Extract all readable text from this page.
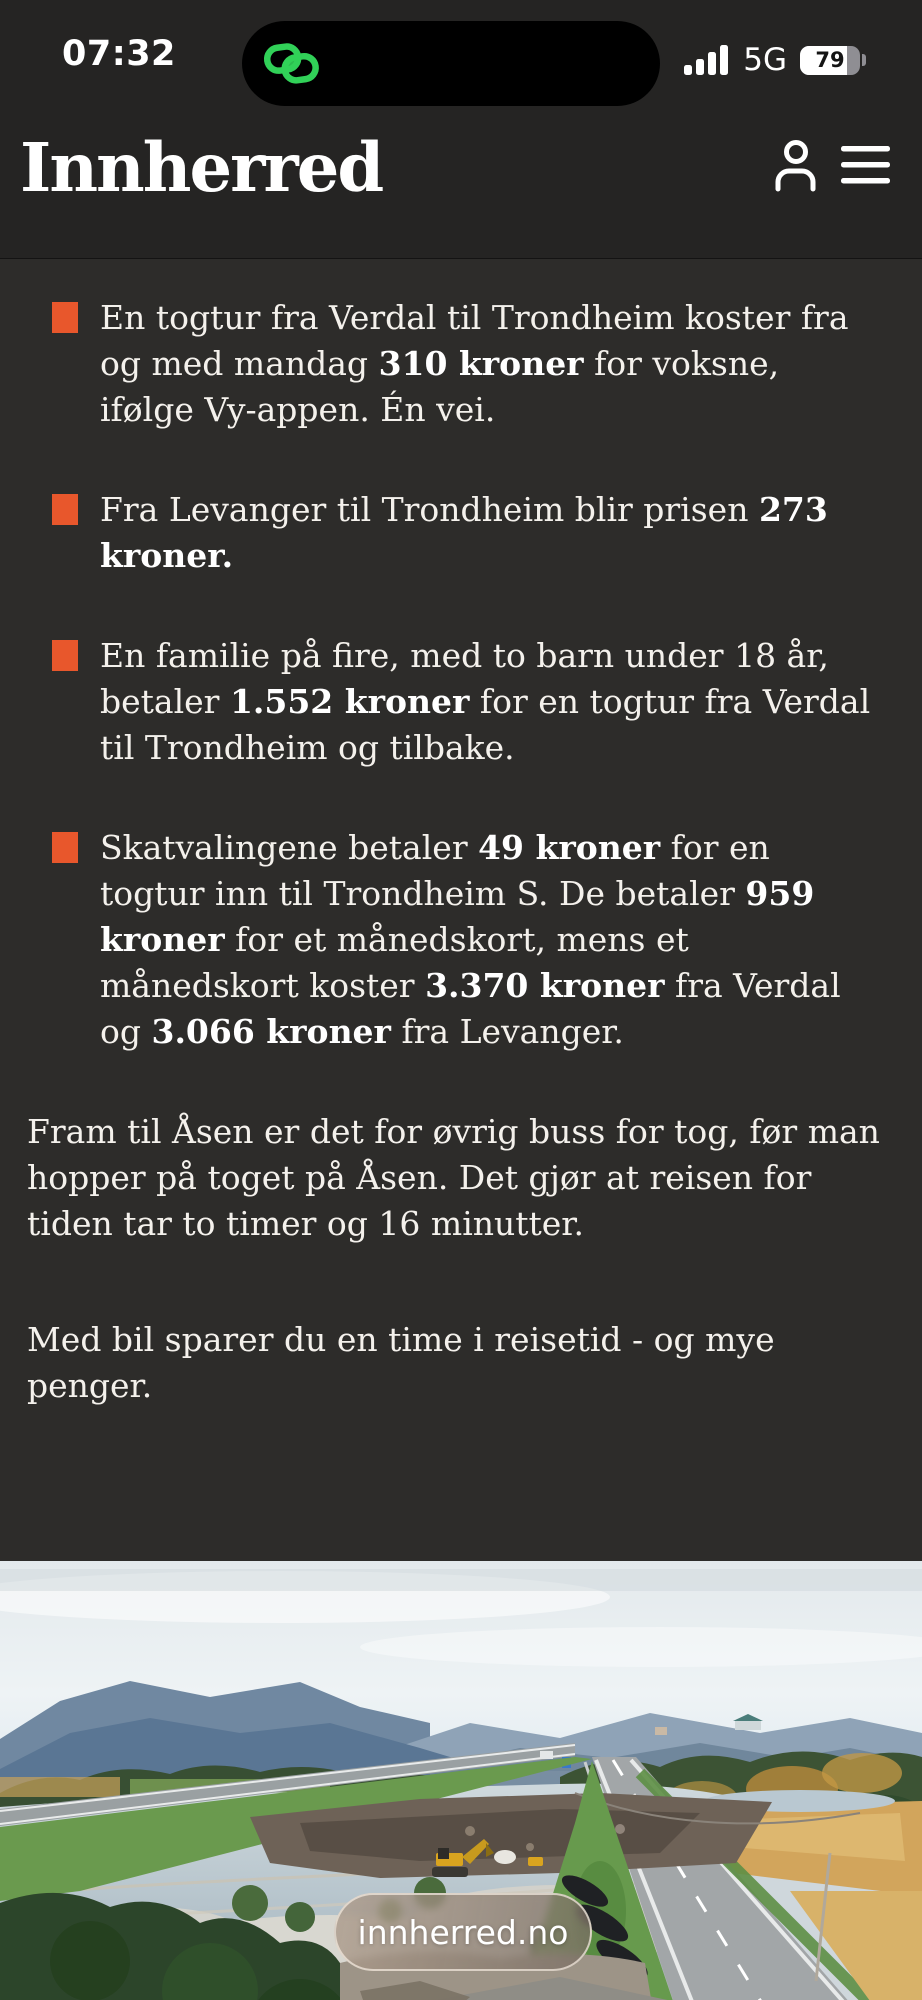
07:32	5G	79
Innherred
En togtur fra Verdal til Trondheim koster fra og med mandag 310 kroner for voksne, ifølge Vy-appen. Én vei.
Fra Levanger til Trondheim blir prisen 273 kroner.
En familie på fire, med to barn under 18 år, betaler 1.552 kroner for en togtur fra Verdal til Trondheim og tilbake.
Skatvalingene betaler 49 kroner for en togtur inn til Trondheim S. De betaler 959 kroner for et månedskort, mens et månedskort koster 3.370 kroner fra Verdal og 3.066 kroner fra Levanger.

Fram til Åsen er det for øvrig buss for tog, før man hopper på toget på Åsen. Det gjør at reisen for tiden tar to timer og 16 minutter.

Med bil sparer du en time i reisetid - og mye penger.

innherred.no
